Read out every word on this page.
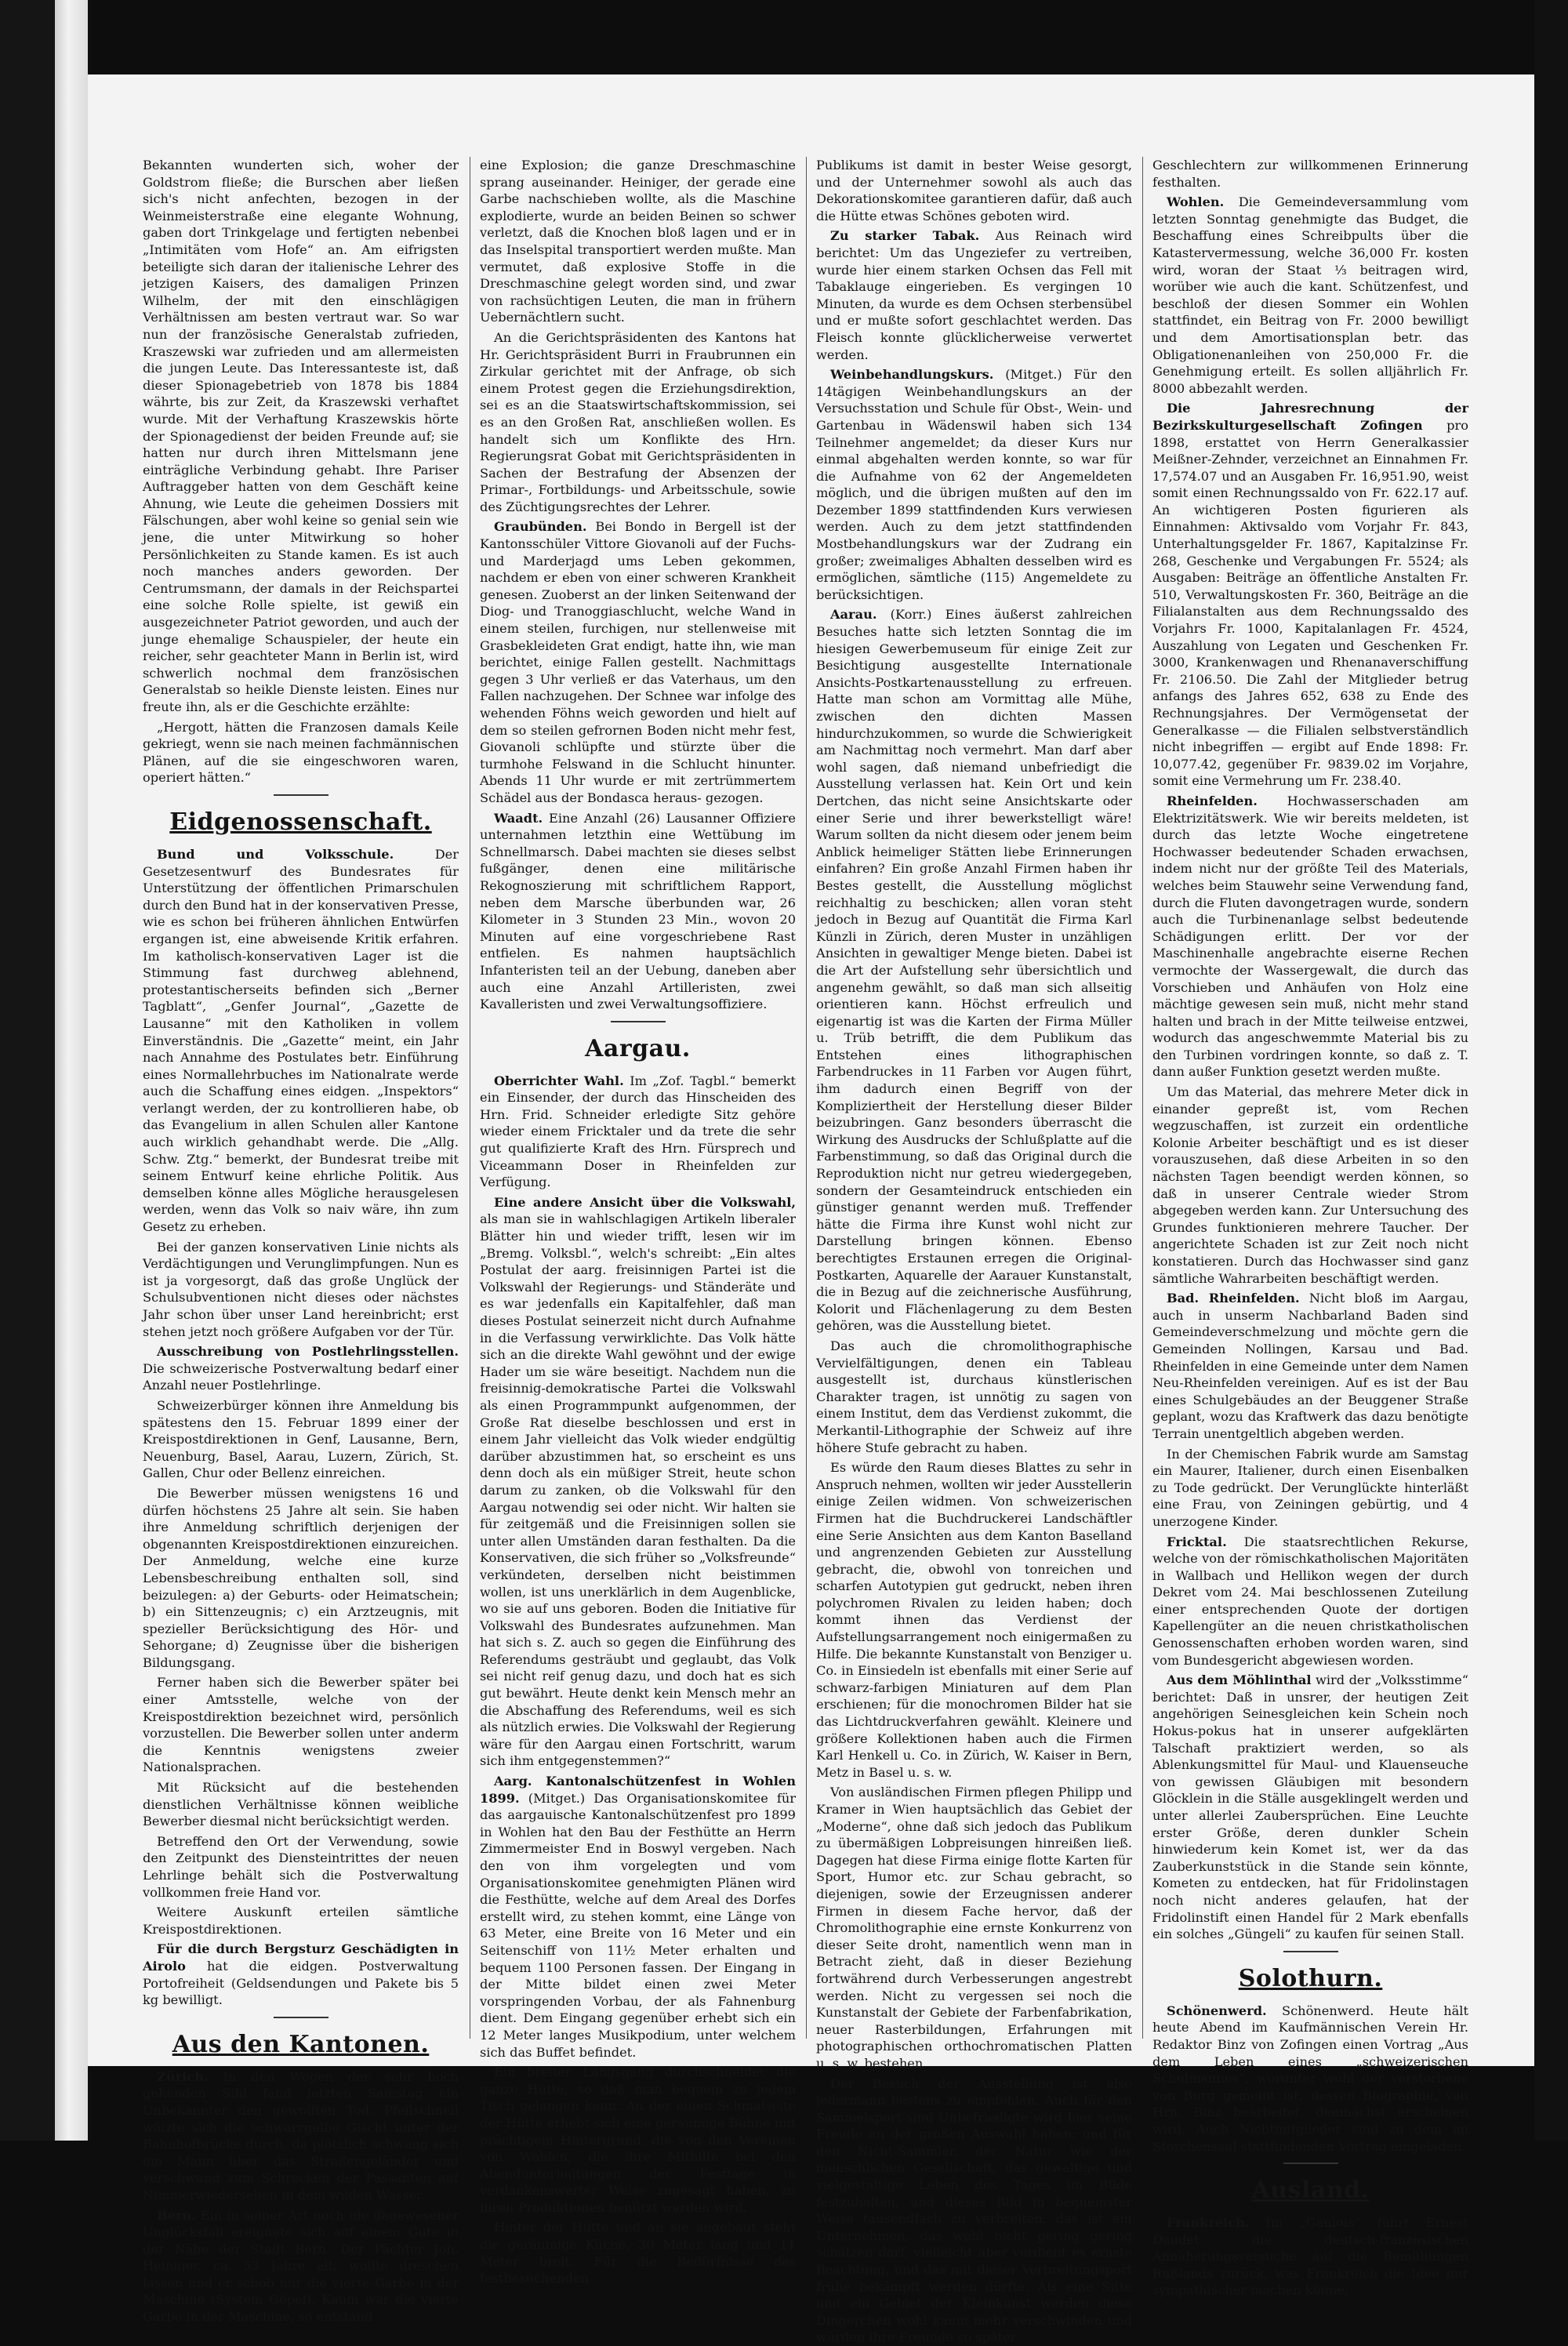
Bekannten wunderten sich, woher der Goldstrom fließe; die Burschen aber ließen sich's nicht anfechten, bezogen in der Weinmeisterstraße eine elegante Wohnung, gaben dort Trinkgelage und fertigten nebenbei „Intimitäten vom Hofe“ an. Am eifrigsten beteiligte sich daran der italienische Lehrer des jetzigen Kaisers, des damaligen Prinzen Wilhelm, der mit den einschlägigen Verhältnissen am besten vertraut war. So war nun der französische Generalstab zufrieden, Kraszewski war zufrieden und am allermeisten die jungen Leute. Das Interessanteste ist, daß dieser Spionagebetrieb von 1878 bis 1884 währte, bis zur Zeit, da Kraszewski verhaftet wurde. Mit der Verhaftung Kraszewskis hörte der Spionagedienst der beiden Freunde auf; sie hatten nur durch ihren Mittelsmann jene einträgliche Verbindung gehabt. Ihre Pariser Auftraggeber hatten von dem Geschäft keine Ahnung, wie Leute die geheimen Dossiers mit Fälschungen, aber wohl keine so genial sein wie jene, die unter Mitwirkung so hoher Persönlichkeiten zu Stande kamen. Es ist auch noch manches anders geworden. Der Centrumsmann, der damals in der Reichspartei eine solche Rolle spielte, ist gewiß ein ausgezeichneter Patriot geworden, und auch der junge ehemalige Schauspieler, der heute ein reicher, sehr geachteter Mann in Berlin ist, wird schwerlich nochmal dem französischen Generalstab so heikle Dienste leisten. Eines nur freute ihn, als er die Geschichte erzählte:

„Hergott, hätten die Franzosen damals Keile gekriegt, wenn sie nach meinen fachmännischen Plänen, auf die sie eingeschworen waren, operiert hätten.“

Eidgenossenschaft.

Bund und Volksschule.	Der Gesetzesentwurf des Bundesrates für Unterstützung der öffentlichen Primarschulen durch den Bund hat in der konservativen Presse, wie es schon bei früheren ähnlichen Entwürfen ergangen ist, eine abweisende Kritik erfahren. Im katholisch-konservativen Lager ist die Stimmung fast durchweg ablehnend, protestantischerseits befinden sich „Berner Tagblatt“, „Genfer Journal“, „Gazette de Lausanne“ mit den Katholiken in vollem Einverständnis. Die „Gazette“ meint, ein Jahr nach Annahme des Postulates betr. Einführung eines Normallehrbuches im Nationalrate werde auch die Schaffung eines eidgen. „Inspektors“ verlangt werden, der zu kontrollieren habe, ob das Evangelium in allen Schulen aller Kantone auch wirklich gehandhabt werde. Die „Allg. Schw. Ztg.“ bemerkt, der Bundesrat treibe mit seinem Entwurf keine ehrliche Politik. Aus demselben könne alles Mögliche herausgelesen werden, wenn das Volk so naiv wäre, ihn zum Gesetz zu erheben.

Bei der ganzen konservativen Linie nichts als Verdächtigungen und Verunglimpfungen. Nun es ist ja vorgesorgt, daß das große Unglück der Schulsubventionen nicht dieses oder nächstes Jahr schon über unser Land hereinbricht; erst stehen jetzt noch größere Aufgaben vor der Tür.

Ausschreibung von Postlehrlingsstellen. Die schweizerische Postverwaltung bedarf einer Anzahl neuer Postlehrlinge.

Schweizerbürger können ihre Anmeldung bis spätestens den 15. Februar 1899 einer der Kreispostdirektionen in Genf, Lausanne, Bern, Neuenburg, Basel, Aarau, Luzern, Zürich, St. Gallen, Chur oder Bellenz einreichen.

Die Bewerber müssen wenigstens 16 und dürfen höchstens 25 Jahre alt sein. Sie haben ihre Anmeldung schriftlich derjenigen der obgenannten Kreispostdirektionen einzureichen. Der Anmeldung, welche eine kurze Lebensbeschreibung enthalten soll, sind beizulegen: a) der Geburts- oder Heimatschein; b) ein Sittenzeugnis; c) ein Arztzeugnis, mit spezieller Berücksichtigung des Hör- und Sehorgane; d) Zeugnisse über die bisherigen Bildungsgang.

Ferner haben sich die Bewerber später bei einer Amtsstelle, welche von der Kreispostdirektion bezeichnet wird, persönlich vorzustellen. Die Bewerber sollen unter anderm die Kenntnis wenigstens zweier Nationalsprachen.

Mit Rücksicht auf die bestehenden dienstlichen Verhältnisse können weibliche Bewerber diesmal nicht berücksichtigt werden.

Betreffend den Ort der Verwendung, sowie den Zeitpunkt des Diensteintrittes der neuen Lehrlinge behält sich die Postverwaltung vollkommen freie Hand vor.

Weitere Auskunft erteilen sämtliche Kreispostdirektionen.

Für die durch Bergsturz Geschädigten in Airolo hat die eidgen. Postverwaltung Portofreiheit (Geldsendungen und Pakete bis 5 kg bewilligt.

Aus den Kantonen.

Zürich. In den Wogen der sehr hoch gehenden Sihl fand letzten Samstag ein Unbekannter den gewollten Tod. Pfeilschnell wälzte sich die schwarzgelbe Gischt unter der Bahnhofbrücke durch, da plötzlich schwang sich ein Mann über das Straßengeländer und verschwand zum Schrecken der Passanten auf Nimmerwiedersehen in dem wilden Wasser.

Bern. Ein in seiner Art noch nie dagewesener Unglücksfall ereignete sich auf einem Gute in der Nähe der Stadt Bern. Der Pächter Joh. Heiniger, ca. 53 Jahre alt, wollte dreschen lassen und er schob nur die vierte Garbe in der Maschine (System Göpel). Kaum war die vierte Garbe in der Maschine, so entstand

eine Explosion; die ganze Dreschmaschine sprang auseinander. Heiniger, der gerade eine Garbe nachschieben wollte, als die Maschine explodierte, wurde an beiden Beinen so schwer verletzt, daß die Knochen bloß lagen und er in das Inselspital transportiert werden mußte. Man vermutet, daß explosive Stoffe in die Dreschmaschine gelegt worden sind, und zwar von rachsüchtigen Leuten, die man in frühern Uebernächtlern sucht.

An die Gerichtspräsidenten des Kantons hat Hr. Gerichtspräsident Burri in Fraubrunnen ein Zirkular gerichtet mit der Anfrage, ob sich einem Protest gegen die Erziehungsdirektion, sei es an die Staatswirtschaftskommission, sei es an den Großen Rat, anschließen wollen. Es handelt sich um Konflikte des Hrn. Regierungsrat Gobat mit Gerichtspräsidenten in Sachen der Bestrafung der Absenzen der Primar-, Fortbildungs- und Arbeitsschule, sowie des Züchtigungsrechtes der Lehrer.

Graubünden. Bei Bondo in Bergell ist der Kantonsschüler Vittore Giovanoli auf der Fuchs- und Marderjagd ums Leben gekommen, nachdem er eben von einer schweren Krankheit genesen. Zuoberst an der linken Seitenwand der Diog- und Tranoggiaschlucht, welche Wand in einem steilen, furchigen, nur stellenweise mit Grasbekleideten Grat endigt, hatte ihn, wie man berichtet, einige Fallen gestellt. Nachmittags gegen 3 Uhr verließ er das Vaterhaus, um den Fallen nachzugehen. Der Schnee war infolge des wehenden Föhns weich geworden und hielt auf dem so steilen gefrornen Boden nicht mehr fest, Giovanoli schlüpfte und stürzte über die turmhohe Felswand in die Schlucht hinunter. Abends 11 Uhr wurde er mit zertrümmertem Schädel aus der Bondasca heraus- gezogen.

Waadt. Eine Anzahl (26) Lausanner Offiziere unternahmen letzthin eine Wettübung im Schnellmarsch. Dabei machten sie dieses selbst fußgänger, denen eine militärische Rekognoszierung mit schriftlichem Rapport, neben dem Marsche überbunden war, 26 Kilometer in 3 Stunden 23 Min., wovon 20 Minuten auf eine vorgeschriebene Rast entfielen. Es nahmen hauptsächlich Infanteristen teil an der Uebung, daneben aber auch eine Anzahl Artilleristen, zwei Kavalleristen und zwei Verwaltungsoffiziere.

Aargau.

Oberrichter Wahl. Im „Zof. Tagbl.“ bemerkt ein Einsender, der durch das Hinscheiden des Hrn. Frid. Schneider erledigte Sitz gehöre wieder einem Fricktaler und da trete die sehr gut qualifizierte Kraft des Hrn. Fürsprech und Viceammann Doser in Rheinfelden zur Verfügung.

Eine andere Ansicht über die Volkswahl, als man sie in wahlschlagigen Artikeln liberaler Blätter hin und wieder trifft, lesen wir im „Bremg. Volksbl.“, welch's schreibt: „Ein altes Postulat der aarg. freisinnigen Partei ist die Volkswahl der Regierungs- und Ständeräte und es war jedenfalls ein Kapitalfehler, daß man dieses Postulat seinerzeit nicht durch Aufnahme in die Verfassung verwirklichte. Das Volk hätte sich an die direkte Wahl gewöhnt und der ewige Hader um sie wäre beseitigt. Nachdem nun die freisinnig-demokratische Partei die Volkswahl als einen Programmpunkt aufgenommen, der Große Rat dieselbe beschlossen und erst in einem Jahr vielleicht das Volk wieder endgültig darüber abzustimmen hat, so erscheint es uns denn doch als ein müßiger Streit, heute schon darum zu zanken, ob die Volkswahl für den Aargau notwendig sei oder nicht. Wir halten sie für zeitgemäß und die Freisinnigen sollen sie unter allen Umständen daran festhalten. Da die Konservativen, die sich früher so „Volksfreunde“ verkündeten, derselben nicht beistimmen wollen, ist uns unerklärlich in dem Augenblicke, wo sie auf uns geboren. Boden die Initiative für Volkswahl des Bundesrates aufzunehmen. Man hat sich s. Z. auch so gegen die Einführung des Referendums gesträubt und geglaubt, das Volk sei nicht reif genug dazu, und doch hat es sich gut bewährt. Heute denkt kein Mensch mehr an die Abschaffung des Referendums, weil es sich als nützlich erwies. Die Volkswahl der Regierung wäre für den Aargau einen Fortschritt, warum sich ihm entgegenstemmen?“

Aarg. Kantonalschützenfest in Wohlen 1899. (Mitget.) Das Organisationskomitee für das aargauische Kantonalschützenfest pro 1899 in Wohlen hat den Bau der Festhütte an Herrn Zimmermeister End in Boswyl vergeben. Nach den von ihm vorgelegten und vom Organisationskomitee genehmigten Plänen wird die Festhütte, welche auf dem Areal des Dorfes erstellt wird, zu stehen kommt, eine Länge von 63 Meter, eine Breite von 16 Meter und ein Seitenschiff von 11½ Meter erhalten und bequem 1100 Personen fassen. Der Eingang in der Mitte bildet einen zwei Meter vorspringenden Vorbau, der als Fahnenburg dient. Dem Eingang gegenüber erhebt sich ein 12 Meter langes Musikpodium, unter welchem sich das Buffet befindet.

Ein breiter Längsgang durchschneidet die ganze Hütte, so daß man bequem zu jedem Tisch gelangen kann. An der einen Schmalseite der Hütte erhebt sich eine geräumige Bühne mit prächtigem Hintergrund, die von den Vereinen von Wohlen, die ihre Mithilfe bei den Abendunterhaltungen der Festtage in verdankenswerter Weise zugesagt haben, zu ihren Produktionen benützt werden wird.

Hinter der Hütte und an sie angebaut steht die geräumige Küche, 30 Meter lang und 11 Meter breit. Für die Bedürfnisse des festbesuchenden

Publikums ist damit in bester Weise gesorgt, und der Unternehmer sowohl als auch das Dekorationskomitee garantieren dafür, daß auch die Hütte etwas Schönes geboten wird.

Zu starker Tabak. Aus Reinach wird berichtet: Um das Ungeziefer zu vertreiben, wurde hier einem starken Ochsen das Fell mit Tabaklauge eingerieben. Es vergingen 10 Minuten, da wurde es dem Ochsen sterbensübel und er mußte sofort geschlachtet werden. Das Fleisch konnte glücklicherweise verwertet werden.

Weinbehandlungskurs. (Mitget.) Für den 14tägigen Weinbehandlungskurs an der Versuchsstation und Schule für Obst-, Wein- und Gartenbau in Wädenswil haben sich 134 Teilnehmer angemeldet; da dieser Kurs nur einmal abgehalten werden konnte, so war für die Aufnahme von 62 der Angemeldeten möglich, und die übrigen mußten auf den im Dezember 1899 stattfindenden Kurs verwiesen werden. Auch zu dem jetzt stattfindenden Mostbehandlungskurs war der Zudrang ein großer; zweimaliges Abhalten desselben wird es ermöglichen, sämtliche (115) Angemeldete zu berücksichtigen.

Aarau. (Korr.) Eines äußerst zahlreichen Besuches hatte sich letzten Sonntag die im hiesigen Gewerbemuseum für einige Zeit zur Besichtigung ausgestellte Internationale Ansichts-Postkartenausstellung zu erfreuen. Hatte man schon am Vormittag alle Mühe, zwischen den dichten Massen hindurchzukommen, so wurde die Schwierigkeit am Nachmittag noch vermehrt. Man darf aber wohl sagen, daß niemand unbefriedigt die Ausstellung verlassen hat. Kein Ort und kein Dertchen, das nicht seine Ansichtskarte oder einer Serie und ihrer bewerkstelligt wäre! Warum sollten da nicht diesem oder jenem beim Anblick heimeliger Stätten liebe Erinnerungen einfahren? Ein große Anzahl Firmen haben ihr Bestes gestellt, die Ausstellung möglichst reichhaltig zu beschicken; allen voran steht jedoch in Bezug auf Quantität die Firma Karl Künzli in Zürich, deren Muster in unzähligen Ansichten in gewaltiger Menge bieten. Dabei ist die Art der Aufstellung sehr übersichtlich und angenehm gewählt, so daß man sich allseitig orientieren kann. Höchst erfreulich und eigenartig ist was die Karten der Firma Müller u. Trüb betrifft, die dem Publikum das Entstehen eines lithographischen Farbendruckes in 11 Farben vor Augen führt, ihm dadurch einen Begriff von der Kompliziertheit der Herstellung dieser Bilder beizubringen. Ganz besonders überrascht die Wirkung des Ausdrucks der Schlußplatte auf die Farbenstimmung, so daß das Original durch die Reproduktion nicht nur getreu wiedergegeben, sondern der Gesamteindruck entschieden ein günstiger genannt werden muß. Treffender hätte die Firma ihre Kunst wohl nicht zur Darstellung bringen können. Ebenso berechtigtes Erstaunen erregen die Original-Postkarten, Aquarelle der Aarauer Kunstanstalt, die in Bezug auf die zeichnerische Ausführung, Kolorit und Flächenlagerung zu dem Besten gehören, was die Ausstellung bietet.

Das auch die chromolithographische Vervielfältigungen, denen ein Tableau ausgestellt ist, durchaus künstlerischen Charakter tragen, ist unnötig zu sagen von einem Institut, dem das Verdienst zukommt, die Merkantil-Lithographie der Schweiz auf ihre höhere Stufe gebracht zu haben.

Es würde den Raum dieses Blattes zu sehr in Anspruch nehmen, wollten wir jeder Ausstellerin einige Zeilen widmen. Von schweizerischen Firmen hat die Buchdruckerei Landschäftler eine Serie Ansichten aus dem Kanton Baselland und angrenzenden Gebieten zur Ausstellung gebracht, die, obwohl von tonreichen und scharfen Autotypien gut gedruckt, neben ihren polychromen Rivalen zu leiden haben; doch kommt ihnen das Verdienst der Aufstellungsarrangement noch einigermaßen zu Hilfe. Die bekannte Kunstanstalt von Benziger u. Co. in Einsiedeln ist ebenfalls mit einer Serie auf schwarz-farbigen Miniaturen auf dem Plan erschienen; für die monochromen Bilder hat sie das Lichtdruckverfahren gewählt. Kleinere und größere Kollektionen haben auch die Firmen Karl Henkell u. Co. in Zürich, W. Kaiser in Bern, Metz in Basel u. s. w.

Von ausländischen Firmen pflegen Philipp und Kramer in Wien hauptsächlich das Gebiet der „Moderne“, ohne daß sich jedoch das Publikum zu übermäßigen Lobpreisungen hinreißen ließ. Dagegen hat diese Firma einige flotte Karten für Sport, Humor etc. zur Schau gebracht, so diejenigen, sowie der Erzeugnissen anderer Firmen in diesem Fache hervor, daß der Chromolithographie eine ernste Konkurrenz von dieser Seite droht, namentlich wenn man in Betracht zieht, daß in dieser Beziehung fortwährend durch Verbesserungen angestrebt werden. Nicht zu vergessen sei noch die Kunstanstalt der Gebiete der Farbenfabrikation, neuer Rasterbildungen, Erfahrungen mit photographischen orthochromatischen Platten u. s. w. bestehen.

Der Besuch der Ausstellung ist also jedermann bestens zu empfehlen. Auch für den Sammelsport sind Unbefriedigte wird hier seine Freude an der großen Auswahl haben; und für den Nicht-Sammler, der Natur wie der menschlichen Gesellschaft, das gewaltige und vielgestaltige Leben des Tages im Bilde festzuhalten, und dieses Bild in bequemster Weise tausendfach zu verbreiten, das ist ein Unternehmen, das wohl nicht gering gering schätzen darf, vielleicht aber verdient es ernste Beachtung, und das mit dieser Verbreitungsport frühe bekämpft werden dürfte. Als eine Sitte und ein Gebiet der Kleinkunst werden diese Dingerchen wohl kaum mehr verschwinden und würden ihre Freunde so später

Geschlechtern zur willkommenen Erinnerung festhalten.

Wohlen. Die Gemeindeversammlung vom letzten Sonntag genehmigte das Budget, die Beschaffung eines Schreibpults über die Katastervermessung, welche 36,000 Fr. kosten wird, woran der Staat ⅓ beitragen wird, worüber wie auch die kant. Schützenfest, und beschloß der diesen Sommer ein Wohlen stattfindet, ein Beitrag von Fr. 2000 bewilligt und dem Amortisationsplan betr. das Obligationenanleihen von 250,000 Fr. die Genehmigung erteilt. Es sollen alljährlich Fr. 8000 abbezahlt werden.

Die Jahresrechnung der Bezirkskulturgesellschaft Zofingen pro 1898, erstattet von Herrn Generalkassier Meißner-Zehnder, verzeichnet an Einnahmen Fr. 17,574.07 und an Ausgaben Fr. 16,951.90, weist somit einen Rechnungssaldo von Fr. 622.17 auf. An wichtigeren Posten figurieren als Einnahmen: Aktivsaldo vom Vorjahr Fr. 843, Unterhaltungsgelder Fr. 1867, Kapitalzinse Fr. 268, Geschenke und Vergabungen Fr. 5524; als Ausgaben: Beiträge an öffentliche Anstalten Fr. 510, Verwaltungskosten Fr. 360, Beiträge an die Filialanstalten aus dem Rechnungssaldo des Vorjahrs Fr. 1000, Kapitalanlagen Fr. 4524, Auszahlung von Legaten und Geschenken Fr. 3000, Krankenwagen und Rhenanaverschiffung Fr. 2106.50. Die Zahl der Mitglieder betrug anfangs des Jahres 652, 638 zu Ende des Rechnungsjahres. Der Vermögensetat der Generalkasse — die Filialen selbstverständlich nicht inbegriffen — ergibt auf Ende 1898: Fr. 10,077.42, gegenüber Fr. 9839.02 im Vorjahre, somit eine Vermehrung um Fr. 238.40.

Rheinfelden. Hochwasserschaden am Elektrizitätswerk. Wie wir bereits meldeten, ist durch das letzte Woche eingetretene Hochwasser bedeutender Schaden erwachsen, indem nicht nur der größte Teil des Materials, welches beim Stauwehr seine Verwendung fand, durch die Fluten davongetragen wurde, sondern auch die Turbinenanlage selbst bedeutende Schädigungen erlitt. Der vor der Maschinenhalle angebrachte eiserne Rechen vermochte der Wassergewalt, die durch das Vorschieben und Anhäufen von Holz eine mächtige gewesen sein muß, nicht mehr stand halten und brach in der Mitte teilweise entzwei, wodurch das angeschwemmte Material bis zu den Turbinen vordringen konnte, so daß z. T. dann außer Funktion gesetzt werden mußte.

Um das Material, das mehrere Meter dick in einander gepreßt ist, vom Rechen wegzuschaffen, ist zurzeit ein ordentliche Kolonie Arbeiter beschäftigt und es ist dieser vorauszusehen, daß diese Arbeiten in so den nächsten Tagen beendigt werden können, so daß in unserer Centrale wieder Strom abgegeben werden kann. Zur Untersuchung des Grundes funktionieren mehrere Taucher. Der angerichtete Schaden ist zur Zeit noch nicht konstatieren. Durch das Hochwasser sind ganz sämtliche Wahrarbeiten beschäftigt werden.

Bad. Rheinfelden. Nicht bloß im Aargau, auch in unserm Nachbarland Baden sind Gemeindeverschmelzung und möchte gern die Gemeinden Nollingen, Karsau und Bad. Rheinfelden in eine Gemeinde unter dem Namen Neu-Rheinfelden vereinigen. Auf es ist der Bau eines Schulgebäudes an der Beuggener Straße geplant, wozu das Kraftwerk das dazu benötigte Terrain unentgeltlich abgeben werden.

In der Chemischen Fabrik wurde am Samstag ein Maurer, Italiener, durch einen Eisenbalken zu Tode gedrückt. Der Verunglückte hinterläßt eine Frau, von Zeiningen gebürtig, und 4 unerzogene Kinder.

Fricktal. Die staatsrechtlichen Rekurse, welche von der römischkatholischen Majoritäten in Wallbach und Hellikon wegen der durch Dekret vom 24. Mai beschlossenen Zuteilung einer entsprechenden Quote der dortigen Kapellengüter an die neuen christkatholischen Genossenschaften erhoben worden waren, sind vom Bundesgericht abgewiesen worden.

Aus dem Möhlinthal wird der „Volksstimme“ berichtet: Daß in unsrer, der heutigen Zeit angehörigen Seinesgleichen kein Schein noch Hokus-pokus hat in unserer aufgeklärten Talschaft praktiziert werden, so als Ablenkungsmittel für Maul- und Klauenseuche von gewissen Gläubigen mit besondern Glöcklein in die Ställe ausgeklingelt werden und unter allerlei Zaubersprüchen. Eine Leuchte erster Größe, deren dunkler Schein hinwiederum kein Komet ist, wer da das Zauberkunststück in die Stande sein könnte, Kometen zu entdecken, hat für Fridolinstagen noch nicht anderes gelaufen, hat der Fridolinstift einen Handel für 2 Mark ebenfalls ein solches „Güngeli“ zu kaufen für seinen Stall.

Solothurn.

Schönenwerd. Schönenwerd. Heute hält heute Abend im Kaufmännischen Verein Hr. Redaktor Binz von Zofingen einen Vortrag „Aus dem Leben eines „schweizerischen Schulmannes“, worunter wohl der verstorbene von Burg gemeint ist, dessen Biographie, von Hrn. Binz bearbeitet, demnächst erscheinen wird. Auch Nichtmitglieder sind zu dem im Storchensaal stattfindenden Vortrag eingeladen.

Ausland.

Frankreich. Im „Gaulois“ führt Ernest Daudet die deutsch-französischen Annäherungsversuche auf die Bemühungen Rußlands zurück, was Frankreich die Idee nur sympathischer machen könne,
